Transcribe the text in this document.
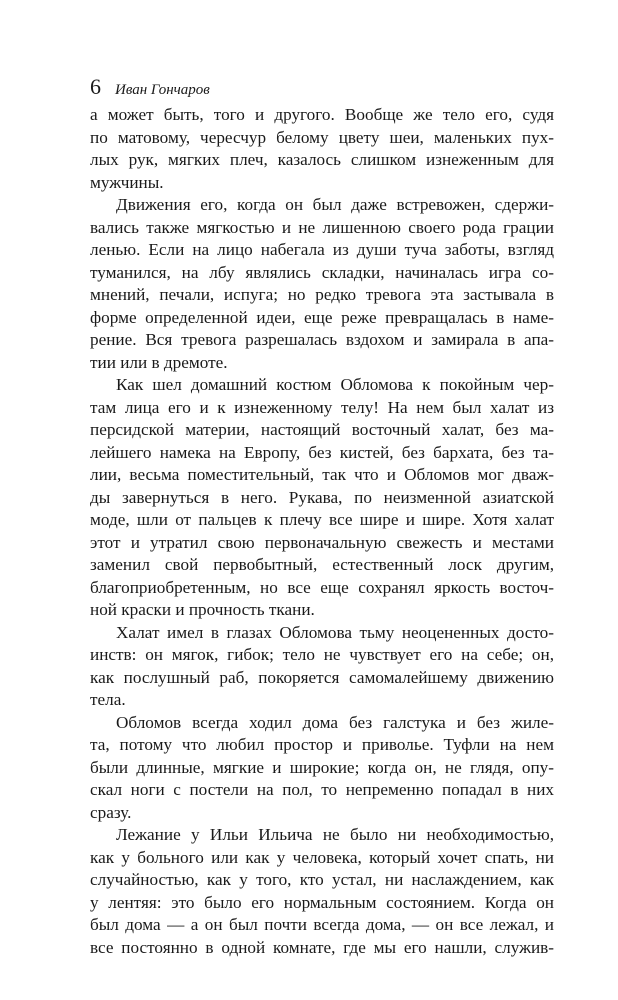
6 Иван Гончаров
а может быть, того и другого. Вообще же тело его, судя
по матовому, чересчур белому цвету шеи, маленьких пух-
лых рук, мягких плеч, казалось слишком изнеженным для
мужчины.
Движения его, когда он был даже встревожен, сдержи-
вались также мягкостью и не лишенною своего рода грации
ленью. Если на лицо набегала из души туча заботы, взгляд
туманился, на лбу являлись складки, начиналась игра со-
мнений, печали, испуга; но редко тревога эта застывала в
форме определенной идеи, еще реже превращалась в наме-
рение. Вся тревога разрешалась вздохом и замирала в апа-
тии или в дремоте.
Как шел домашний костюм Обломова к покойным чер-
там лица его и к изнеженному телу! На нем был халат из
персидской материи, настоящий восточный халат, без ма-
лейшего намека на Европу, без кистей, без бархата, без та-
лии, весьма поместительный, так что и Обломов мог дваж-
ды завернуться в него. Рукава, по неизменной азиатской
моде, шли от пальцев к плечу все шире и шире. Хотя халат
этот и утратил свою первоначальную свежесть и местами
заменил свой первобытный, естественный лоск другим,
благоприобретенным, но все еще сохранял яркость восточ-
ной краски и прочность ткани.
Халат имел в глазах Обломова тьму неоцененных досто-
инств: он мягок, гибок; тело не чувствует его на себе; он,
как послушный раб, покоряется самомалейшему движению
тела.
Обломов всегда ходил дома без галстука и без жиле-
та, потому что любил простор и приволье. Туфли на нем
были длинные, мягкие и широкие; когда он, не глядя, опу-
скал ноги с постели на пол, то непременно попадал в них
сразу.
Лежание у Ильи Ильича не было ни необходимостью,
как у больного или как у человека, который хочет спать, ни
случайностью, как у того, кто устал, ни наслаждением, как
у лентяя: это было его нормальным состоянием. Когда он
был дома — а он был почти всегда дома, — он все лежал, и
все постоянно в одной комнате, где мы его нашли, служив-
